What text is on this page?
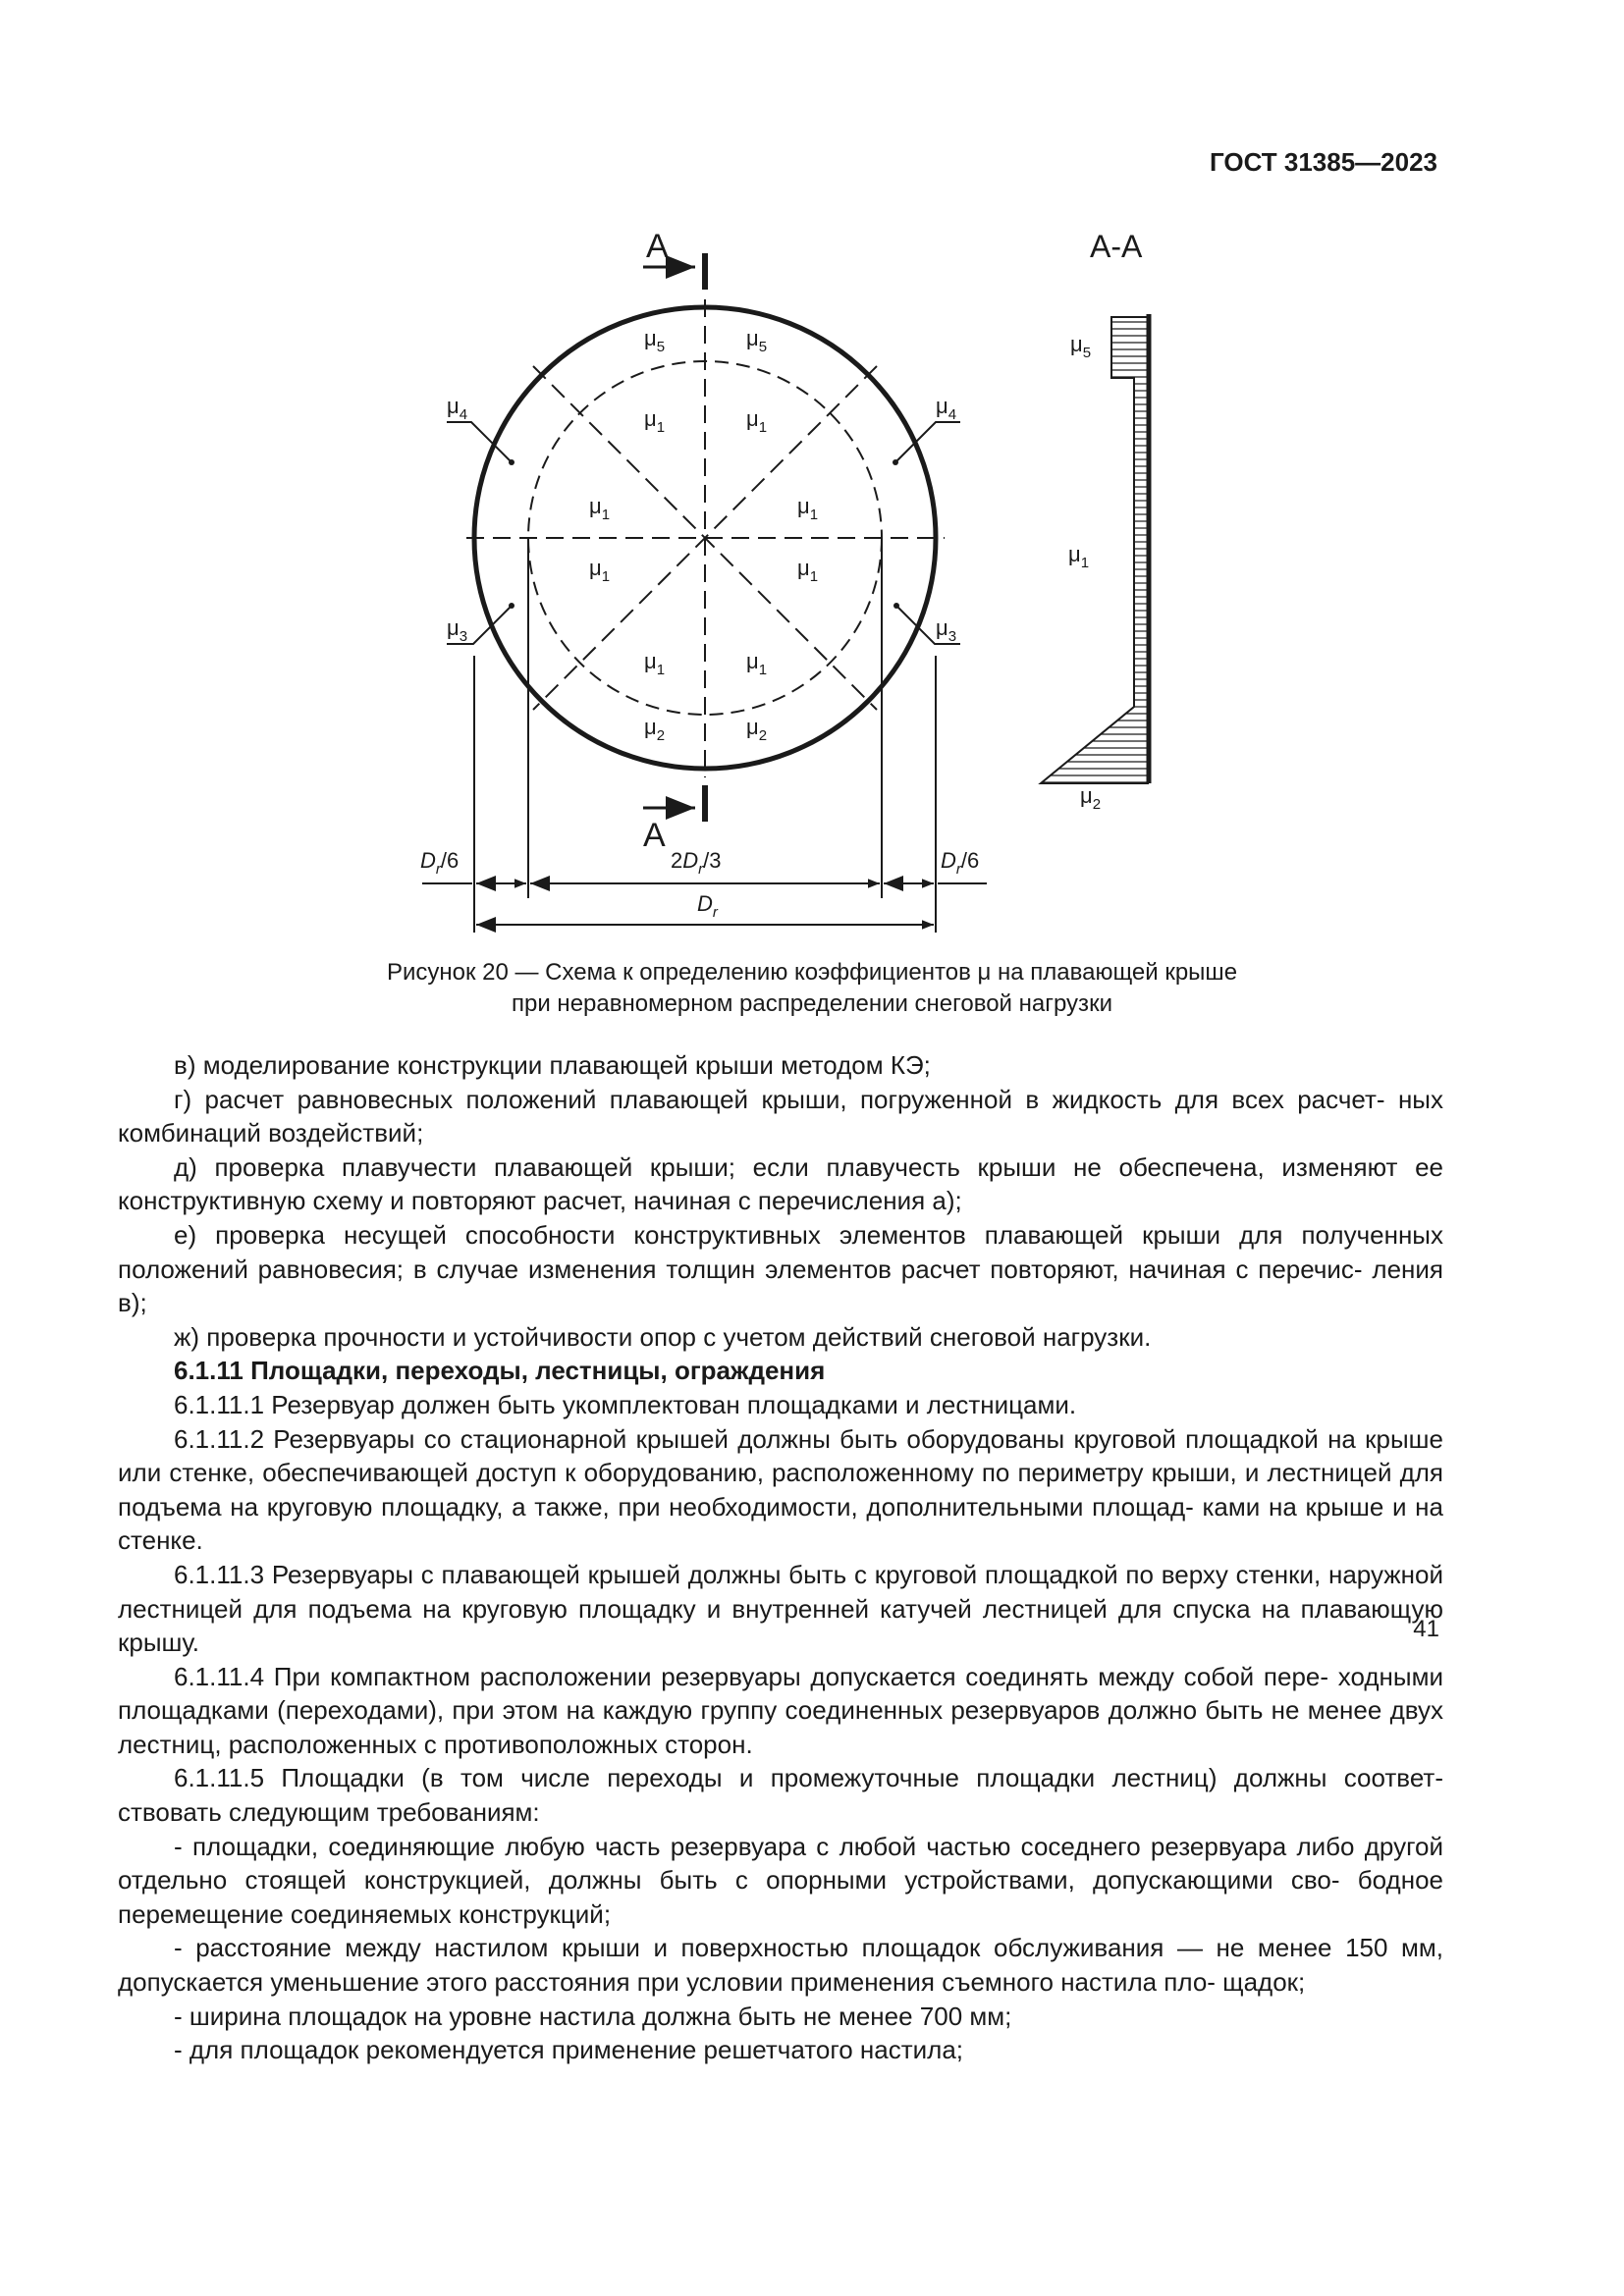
ГОСТ 31385—2023
А
А
$\mu_5$	$\mu_5$
$\mu_1$	$\mu_1$
$\mu_1$	$\mu_1$
$\mu_1$	$\mu_1$
$\mu_1$	$\mu_1$
$\mu_2$	$\mu_2$
$\mu_4$	$\mu_4$
$\mu_3$	$\mu_3$
$D_r/6$	$2D_r/3$	$D_r/6$
$D_r$
А-А
$\mu_5$
$\mu_1$
$\mu_2$
Рисунок 20 — Схема к определению коэффициентов μ на плавающей крыше
при неравномерном распределении снеговой нагрузки

в) моделирование конструкции плавающей крыши методом КЭ;

г) расчет равновесных положений плавающей крыши, погруженной в жидкость для всех расчет- ных комбинаций воздействий;

д) проверка плавучести плавающей крыши; если плавучесть крыши не обеспечена, изменяют ее конструктивную схему и повторяют расчет, начиная с перечисления а);

е) проверка несущей способности конструктивных элементов плавающей крыши для полученных положений равновесия; в случае изменения толщин элементов расчет повторяют, начиная с перечис- ления в);

ж) проверка прочности и устойчивости опор с учетом действий снеговой нагрузки.

6.1.11 Площадки, переходы, лестницы, ограждения

6.1.11.1 Резервуар должен быть укомплектован площадками и лестницами.

6.1.11.2 Резервуары со стационарной крышей должны быть оборудованы круговой площадкой на крыше или стенке, обеспечивающей доступ к оборудованию, расположенному по периметру крыши, и лестницей для подъема на круговую площадку, а также, при необходимости, дополнительными площад- ками на крыше и на стенке.

6.1.11.3 Резервуары с плавающей крышей должны быть с круговой площадкой по верху стенки, наружной лестницей для подъема на круговую площадку и внутренней катучей лестницей для спуска на плавающую крышу.

6.1.11.4 При компактном расположении резервуары допускается соединять между собой пере- ходными площадками (переходами), при этом на каждую группу соединенных резервуаров должно быть не менее двух лестниц, расположенных с противоположных сторон.

6.1.11.5 Площадки (в том числе переходы и промежуточные площадки лестниц) должны соответ- ствовать следующим требованиям:

- площадки, соединяющие любую часть резервуара с любой частью соседнего резервуара либо другой отдельно стоящей конструкцией, должны быть с опорными устройствами, допускающими сво- бодное перемещение соединяемых конструкций;

- расстояние между настилом крыши и поверхностью площадок обслуживания — не менее 150 мм, допускается уменьшение этого расстояния при условии применения съемного настила пло- щадок;

- ширина площадок на уровне настила должна быть не менее 700 мм;

- для площадок рекомендуется применение решетчатого настила;

41
